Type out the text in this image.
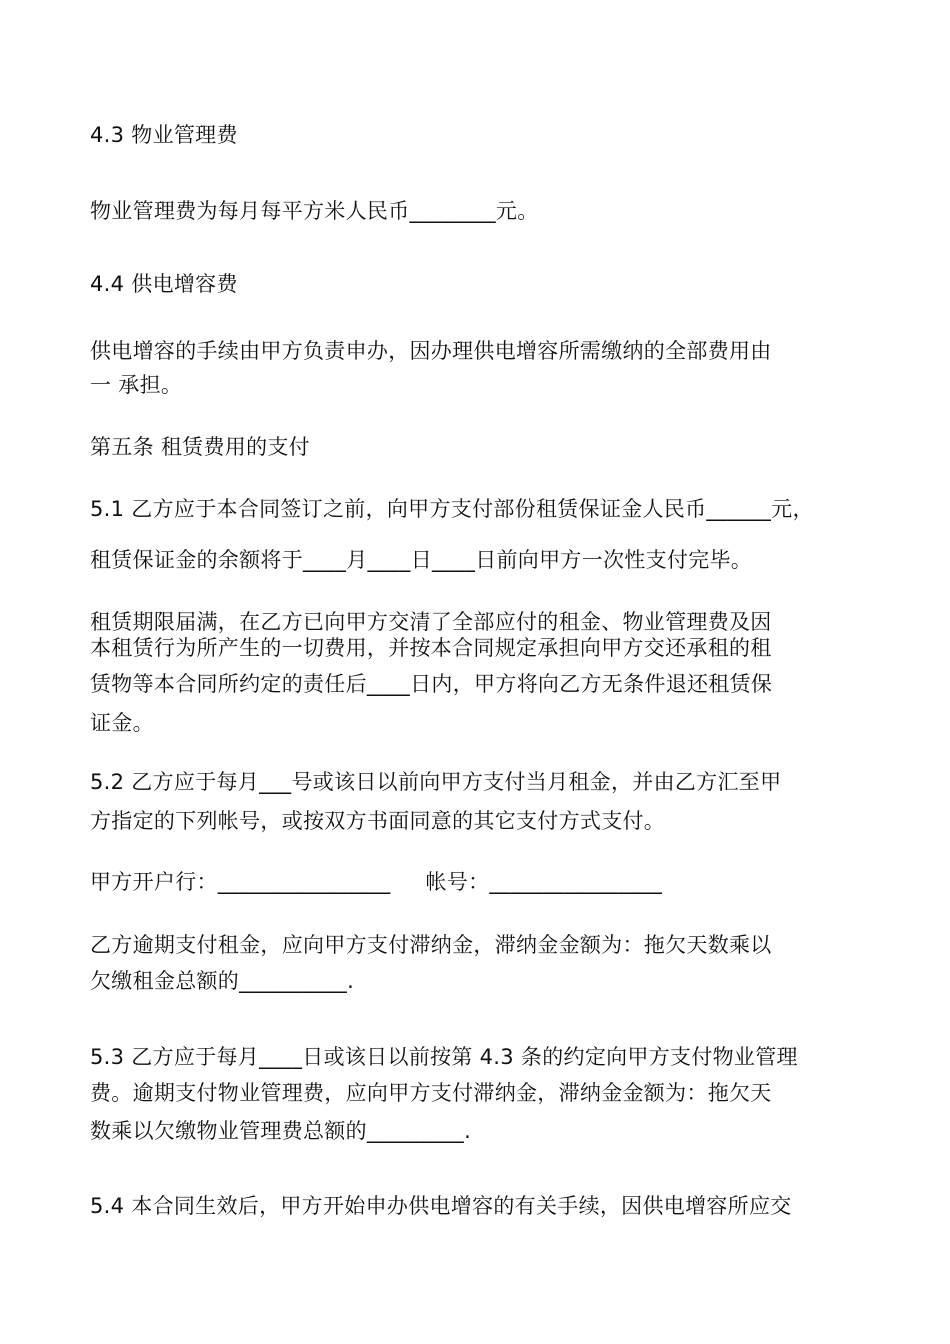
4.3 物业管理费
物业管理费为每月每平方米人民币________元。
4.4 供电增容费
供电增容的手续由甲方负责申办，因办理供电增容所需缴纳的全部费用由
一 承担。
第五条 租赁费用的支付
5.1 乙方应于本合同签订之前，向甲方支付部份租赁保证金人民币______元，
租赁保证金的余额将于____月____日____日前向甲方一次性支付完毕。
租赁期限届满，在乙方已向甲方交清了全部应付的租金、物业管理费及因
本租赁行为所产生的一切费用，并按本合同规定承担向甲方交还承租的租
赁物等本合同所约定的责任后____日内，甲方将向乙方无条件退还租赁保
证金。
5.2 乙方应于每月___号或该日以前向甲方支付当月租金，并由乙方汇至甲
方指定的下列帐号，或按双方书面同意的其它支付方式支付。
甲方开户行：________________     帐号：________________
乙方逾期支付租金，应向甲方支付滞纳金，滞纳金金额为：拖欠天数乘以
欠缴租金总额的__________.
5.3 乙方应于每月____日或该日以前按第 4.3 条的约定向甲方支付物业管理
费。逾期支付物业管理费，应向甲方支付滞纳金，滞纳金金额为：拖欠天
数乘以欠缴物业管理费总额的_________.
5.4 本合同生效后，甲方开始申办供电增容的有关手续，因供电增容所应交
